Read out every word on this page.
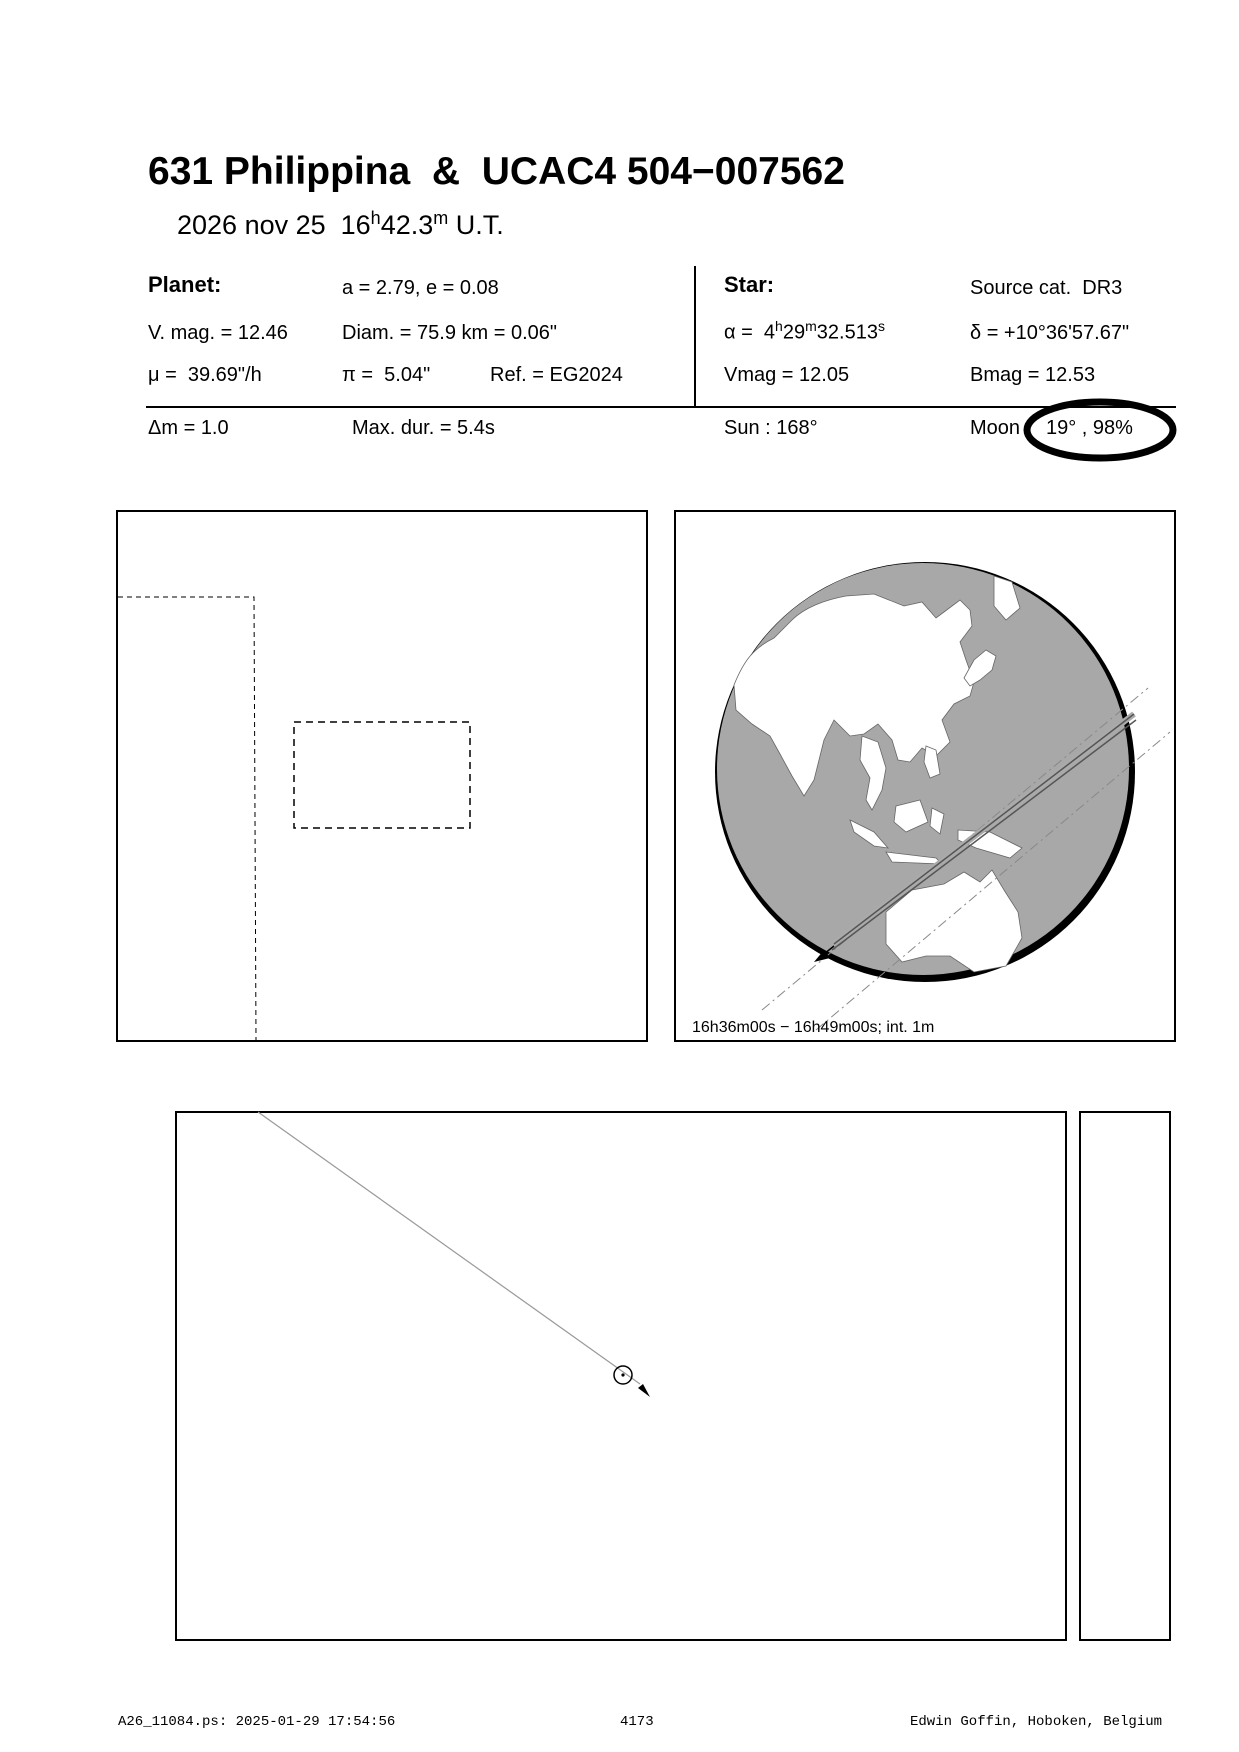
631 Philippina  &  UCAC4 504−007562
2026 nov 25  16$^h$42.3$^m$ U.T.
Planet:	a = 2.79, e = 0.08
V. mag. = 12.46	Diam. = 75.9 km = 0.06"
μ =  39.69"/h	π =  5.04"	Ref. = EG2024
Star:	Source cat.  DR3
α =  4$^h$29$^m$32.513$^s$	δ = +10°36'57.67"
Vmag = 12.05	Bmag = 12.53
Δm = 1.0	Max. dur. = 5.4s	Sun : 168°	Moon : 19° , 98%
16h36m00s − 16h49m00s; int. 1m
A26_11084.ps: 2025-01-29 17:54:56	4173	Edwin Goffin, Hoboken, Belgium
